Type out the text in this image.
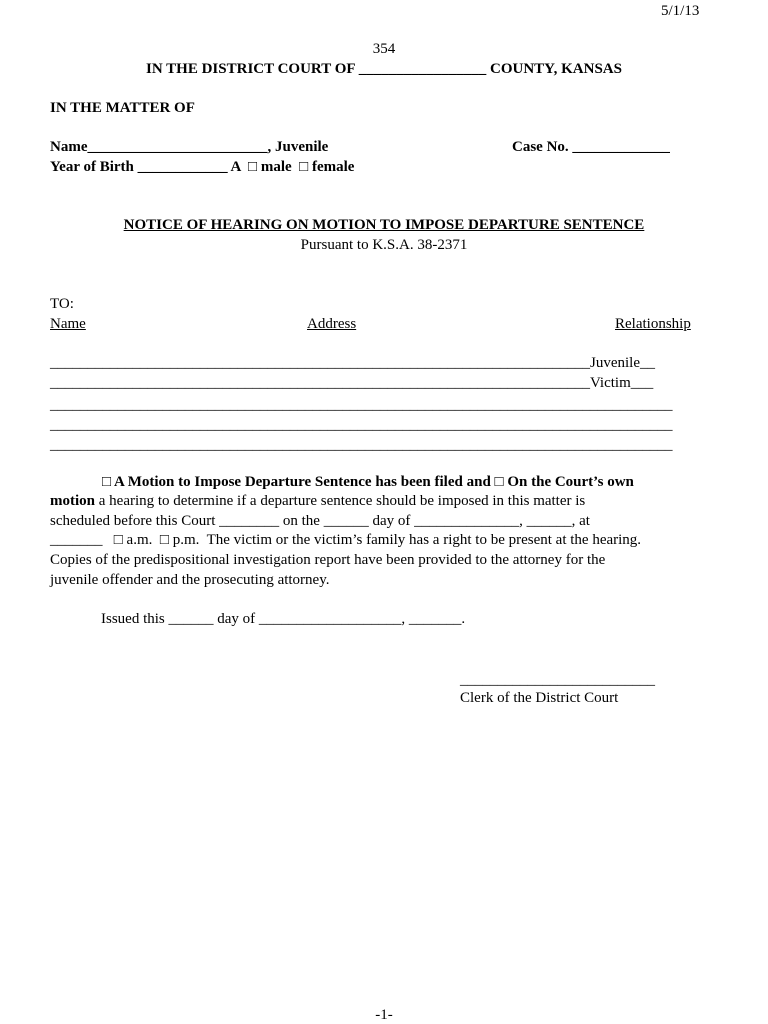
5/1/13
354
IN THE DISTRICT COURT OF _________________ COUNTY, KANSAS
IN THE MATTER OF
Name________________________, Juvenile	Case No. _____________
Year of Birth ____________ A  □ male  □ female
NOTICE OF HEARING ON MOTION TO IMPOSE DEPARTURE SENTENCE
Pursuant to K.S.A. 38-2371
TO:
Name	Address	Relationship
________________________________________________________________________Juvenile__
________________________________________________________________________Victim___
___________________________________________________________________________________
___________________________________________________________________________________
___________________________________________________________________________________
□ A Motion to Impose Departure Sentence has been filed and □ On the Court’s own
motion a hearing to determine if a departure sentence should be imposed in this matter is
scheduled before this Court ________ on the ______ day of ______________, ______, at
_______   □ a.m.  □ p.m.  The victim or the victim’s family has a right to be present at the hearing.
Copies of the predispositional investigation report have been provided to the attorney for the
juvenile offender and the prosecuting attorney.
Issued this ______ day of ___________________, _______.
__________________________
Clerk of the District Court
-1-
